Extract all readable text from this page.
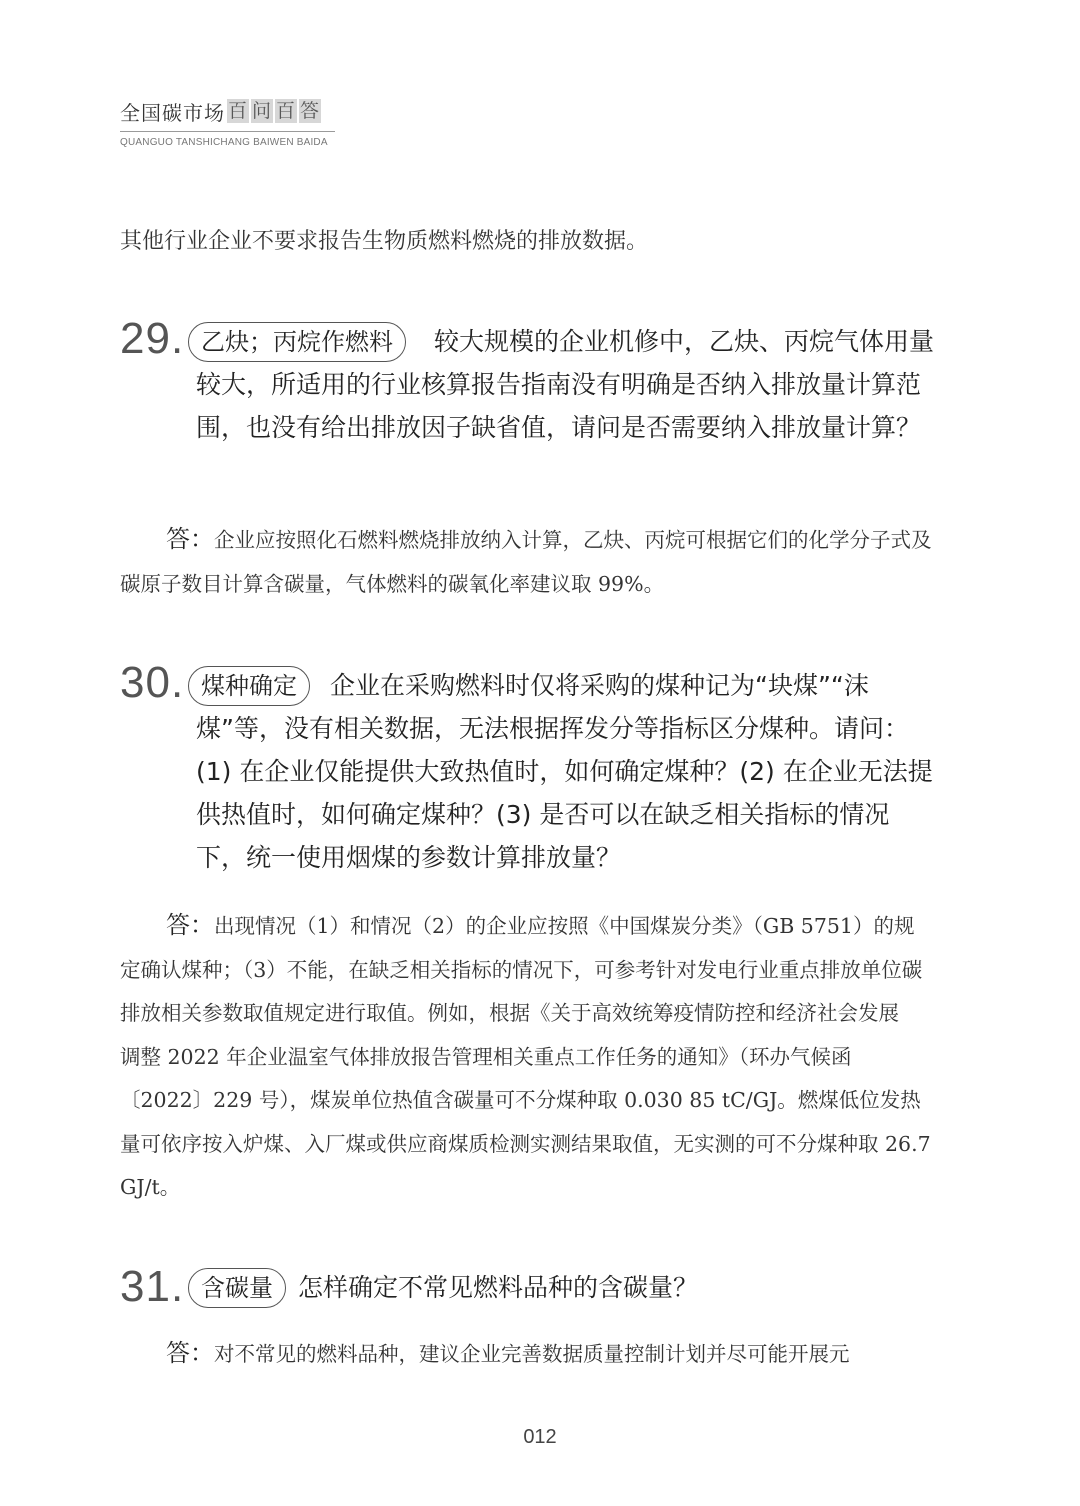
全国碳市场 百 问 百 答
QUANGUO TANSHICHANG BAIWEN BAIDA
其他行业企业不要求报告生物质燃料燃烧的排放数据。
29. 乙炔；丙烷作燃料	较大规模的企业机修中，乙炔、丙烷气体用量较大，所适用的行业核算报告指南没有明确是否纳入排放量计算范围，也没有给出排放因子缺省值，请问是否需要纳入排放量计算？
答：企业应按照化石燃料燃烧排放纳入计算，乙炔、丙烷可根据它们的化学分子式及碳原子数目计算含碳量，气体燃料的碳氧化率建议取 99%。
30. 煤种确定	企业在采购燃料时仅将采购的煤种记为“块煤”“沫煤”等，没有相关数据，无法根据挥发分等指标区分煤种。请问：(1) 在企业仅能提供大致热值时，如何确定煤种？(2) 在企业无法提供热值时，如何确定煤种？(3) 是否可以在缺乏相关指标的情况下，统一使用烟煤的参数计算排放量？
答：出现情况（1）和情况（2）的企业应按照《中国煤炭分类》（GB 5751）的规定确认煤种；（3）不能，在缺乏相关指标的情况下，可参考针对发电行业重点排放单位碳排放相关参数取值规定进行取值。例如，根据《关于高效统筹疫情防控和经济社会发展　调整 2022 年企业温室气体排放报告管理相关重点工作任务的通知》（环办气候函〔2022〕229 号），煤炭单位热值含碳量可不分煤种取 0.030 85 tC/GJ。燃煤低位发热量可依序按入炉煤、入厂煤或供应商煤质检测实测结果取值，无实测的可不分煤种取 26.7 GJ/t。
31. 含碳量	怎样确定不常见燃料品种的含碳量？
答：对不常见的燃料品种，建议企业完善数据质量控制计划并尽可能开展元
012
